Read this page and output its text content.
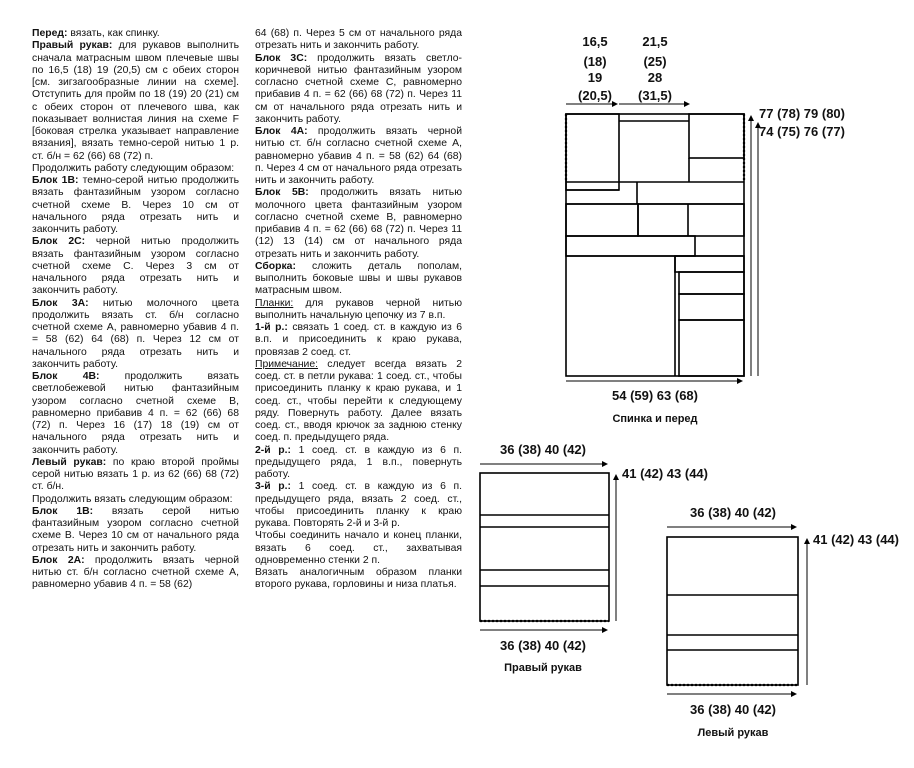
Перед: вязать, как спинку.

Правый рукав: для рукавов выполнить сначала матрасным швом плечевые швы по 16,5 (18) 19 (20,5) см с обеих сторон [см. зигзагообразные линии на схеме]. Отступить для пройм по 18 (19) 20 (21) см с обеих сторон от плечевого шва, как показывает волнистая линия на схеме F [боковая стрелка указывает направление вязания], вязать темно-серой нитью 1 р. ст. б/н = 62 (66) 68 (72) п.

Продолжить работу следующим образом:

Блок 1В: темно-серой нитью продолжить вязать фантазийным узором согласно счетной схеме В. Через 10 см от начального ряда отрезать нить и закончить работу.

Блок 2С: черной нитью продолжить вязать фантазийным узором согласно счетной схеме С. Через 3 см от начального ряда отрезать нить и закончить работу.

Блок 3А: нитью молочного цвета продолжить вязать ст. б/н согласно счетной схеме А, равномерно убавив 4 п. = 58 (62) 64 (68) п. Через 12 см от начального ряда отрезать нить и закончить работу.

Блок 4В: продолжить вязать светлобежевой нитью фантазийным узором согласно счетной схеме В, равномерно прибавив 4 п. = 62 (66) 68 (72) п. Через 16 (17) 18 (19) см от начального ряда отрезать нить и закончить работу.

Левый рукав: по краю второй проймы серой нитью вязать 1 р. из 62 (66) 68 (72) ст. б/н.

Продолжить вязать следующим образом:

Блок 1В: вязать серой нитью фантазийным узором согласно счетной схеме В. Через 10 см от начального ряда отрезать нить и закончить работу.

Блок 2А: продолжить вязать черной нитью ст. б/н согласно счетной схеме А, равномерно убавив 4 п. = 58 (62)

64 (68) п. Через 5 см от начального ряда отрезать нить и закончить работу.

Блок 3С: продолжить вязать светло-коричневой нитью фантазийным узором согласно счетной схеме С, равномерно прибавив 4 п. = 62 (66) 68 (72) п. Через 11 см от начального ряда отрезать нить и закончить работу.

Блок 4А: продолжить вязать черной нитью ст. б/н согласно счетной схеме А, равномерно убавив 4 п. = 58 (62) 64 (68) п. Через 4 см от начального ряда отрезать нить и закончить работу.

Блок 5В: продолжить вязать нитью молочного цвета фантазийным узором согласно счетной схеме В, равномерно прибавив 4 п. = 62 (66) 68 (72) п. Через 11 (12) 13 (14) см от начального ряда отрезать нить и закончить работу.

Сборка: сложить деталь пополам, выполнить боковые швы и швы рукавов матрасным швом.

Планки: для рукавов черной нитью выполнить начальную цепочку из 7 в.п.

1-й р.: связать 1 соед. ст. в каждую из 6 в.п. и присоединить к краю рукава, провязав 2 соед. ст.

Примечание: следует всегда вязать 2 соед. ст. в петли рукава: 1 соед. ст., чтобы присоединить планку к краю рукава, и 1 соед. ст., чтобы перейти к следующему ряду. Повернуть работу. Далее вязать соед. ст., вводя крючок за заднюю стенку соед. п. предыдущего ряда.

2-й р.: 1 соед. ст. в каждую из 6 п. предыдущего ряда, 1 в.п., повернуть работу.

3-й р.: 1 соед. ст. в каждую из 6 п. предыдущего ряда, вязать 2 соед. ст., чтобы присоединить планку к краю рукава. Повторять 2-й и 3-й р.

Чтобы соединить начало и конец планки, вязать 6 соед. ст., захватывая одновременно стенки 2 п.

Вязать аналогичным образом планки второго рукава, горловины и низа платья.

16,5
(18)
19
(20,5)
21,5
(25)
28
(31,5)
54 (59) 63 (68)
Спинка и перед
77 (78) 79 (80)
74 (75) 76 (77)
36 (38) 40 (42)
36 (38) 40 (42)
41 (42) 43 (44)
Правый рукав
36 (38) 40 (42)
36 (38) 40 (42)
41 (42) 43 (44)
Левый рукав
